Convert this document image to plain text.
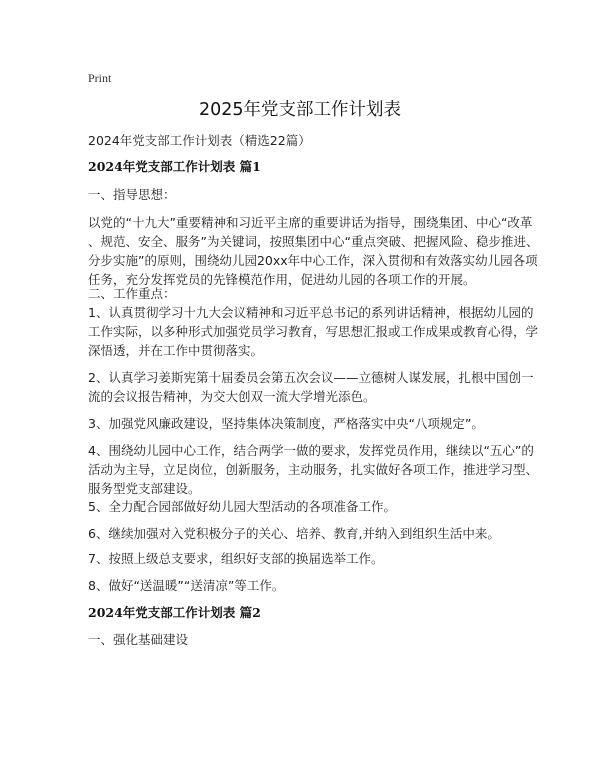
Print
2025年党支部工作计划表
2024年党支部工作计划表（精选22篇）
2024年党支部工作计划表 篇1
一、指导思想：
以党的“十九大”重要精神和习近平主席的重要讲话为指导，围绕集团、中心“改革
、规范、安全、服务”为关键词，按照集团中心“重点突破、把握风险、稳步推进、
分步实施”的原则，围绕幼儿园20xx年中心工作，深入贯彻和有效落实幼儿园各项
任务，充分发挥党员的先锋模范作用，促进幼儿园的各项工作的开展。
二、工作重点：
1、认真贯彻学习十九大会议精神和习近平总书记的系列讲话精神，根据幼儿园的
工作实际，以多种形式加强党员学习教育，写思想汇报或工作成果或教育心得，学
深悟透，并在工作中贯彻落实。
2、认真学习姜斯宪第十届委员会第五次会议——立德树人谋发展，扎根中国创一
流的会议报告精神，为交大创双一流大学增光添色。
3、加强党风廉政建设，坚持集体决策制度，严格落实中央“八项规定”。
4、围绕幼儿园中心工作，结合两学一做的要求，发挥党员作用，继续以“五心”的
活动为主导，立足岗位，创新服务，主动服务，扎实做好各项工作，推进学习型、
服务型党支部建设。
5、全力配合园部做好幼儿园大型活动的各项准备工作。
6、继续加强对入党积极分子的关心、培养、教育,并纳入到组织生活中来。
7、按照上级总支要求，组织好支部的换届选举工作。
8、做好“送温暖”“送清凉”等工作。
2024年党支部工作计划表 篇2
一、强化基础建设
